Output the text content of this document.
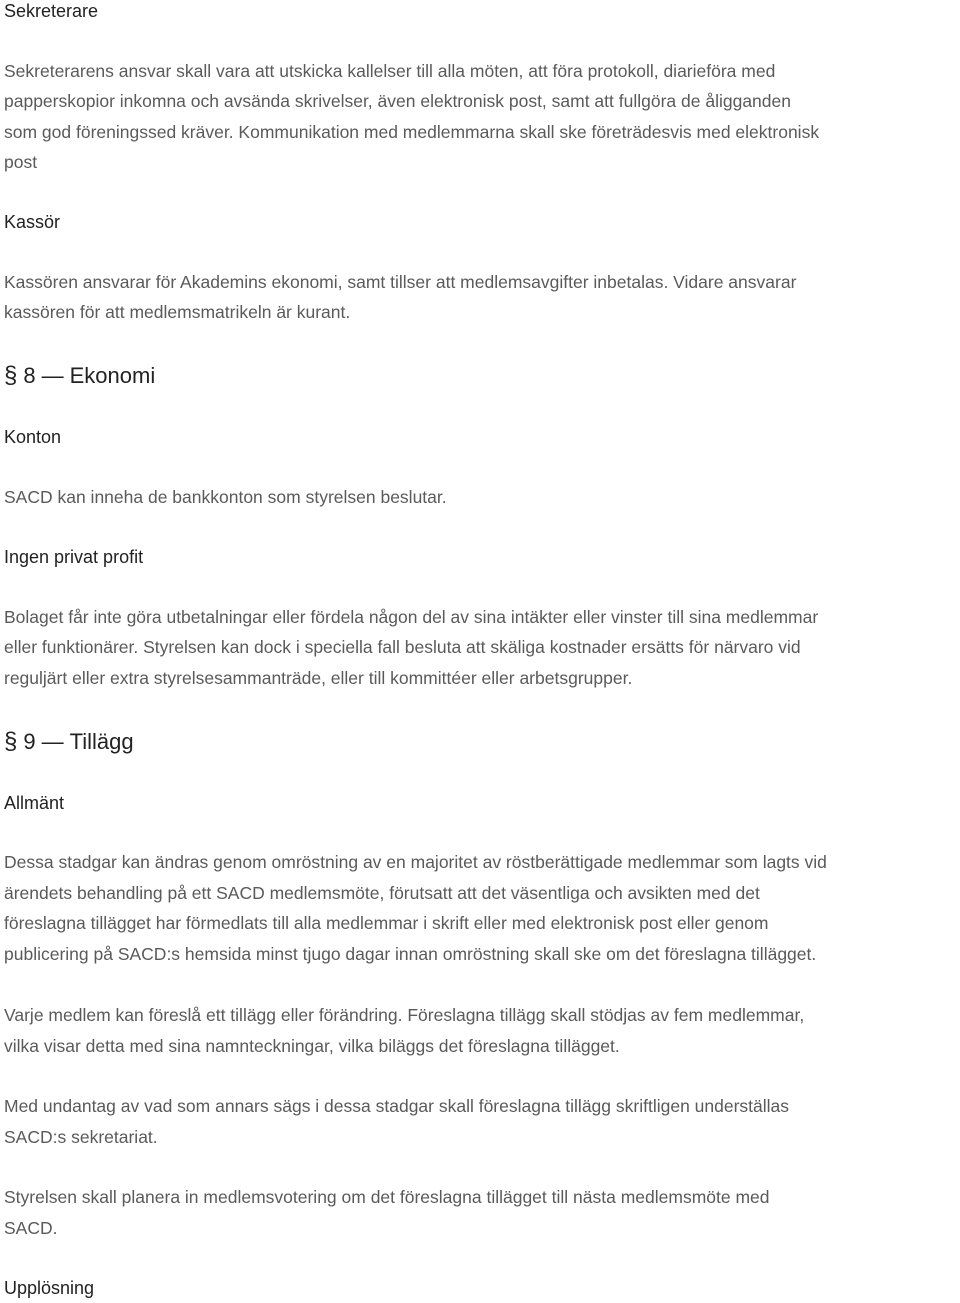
Sekreterare
Sekreterarens ansvar skall vara att utskicka kallelser till alla möten, att föra protokoll, diarieföra med
papperskopior inkomna och avsända skrivelser, även elektronisk post, samt att fullgöra de åligganden
som god föreningssed kräver. Kommunikation med medlemmarna skall ske företrädesvis med elektronisk
post
Kassör
Kassören ansvarar för Akademins ekonomi, samt tillser att medlemsavgifter inbetalas. Vidare ansvarar
kassören för att medlemsmatrikeln är kurant.
§ 8 — Ekonomi
Konton
SACD kan inneha de bankkonton som styrelsen beslutar.
Ingen privat profit
Bolaget får inte göra utbetalningar eller fördela någon del av sina intäkter eller vinster till sina medlemmar
eller funktionärer. Styrelsen kan dock i speciella fall besluta att skäliga kostnader ersätts för närvaro vid
reguljärt eller extra styrelsesammanträde, eller till kommittéer eller arbetsgrupper.
§ 9 — Tillägg
Allmänt
Dessa stadgar kan ändras genom omröstning av en majoritet av röstberättigade medlemmar som lagts vid
ärendets behandling på ett SACD medlemsmöte, förutsatt att det väsentliga och avsikten med det
föreslagna tillägget har förmedlats till alla medlemmar i skrift eller med elektronisk post eller genom
publicering på SACD:s hemsida minst tjugo dagar innan omröstning skall ske om det föreslagna tillägget.
Varje medlem kan föreslå ett tillägg eller förändring. Föreslagna tillägg skall stödjas av fem medlemmar,
vilka visar detta med sina namnteckningar, vilka biläggs det föreslagna tillägget.
Med undantag av vad som annars sägs i dessa stadgar skall föreslagna tillägg skriftligen underställas
SACD:s sekretariat.
Styrelsen skall planera in medlemsvotering om det föreslagna tillägget till nästa medlemsmöte med
SACD.
Upplösning
